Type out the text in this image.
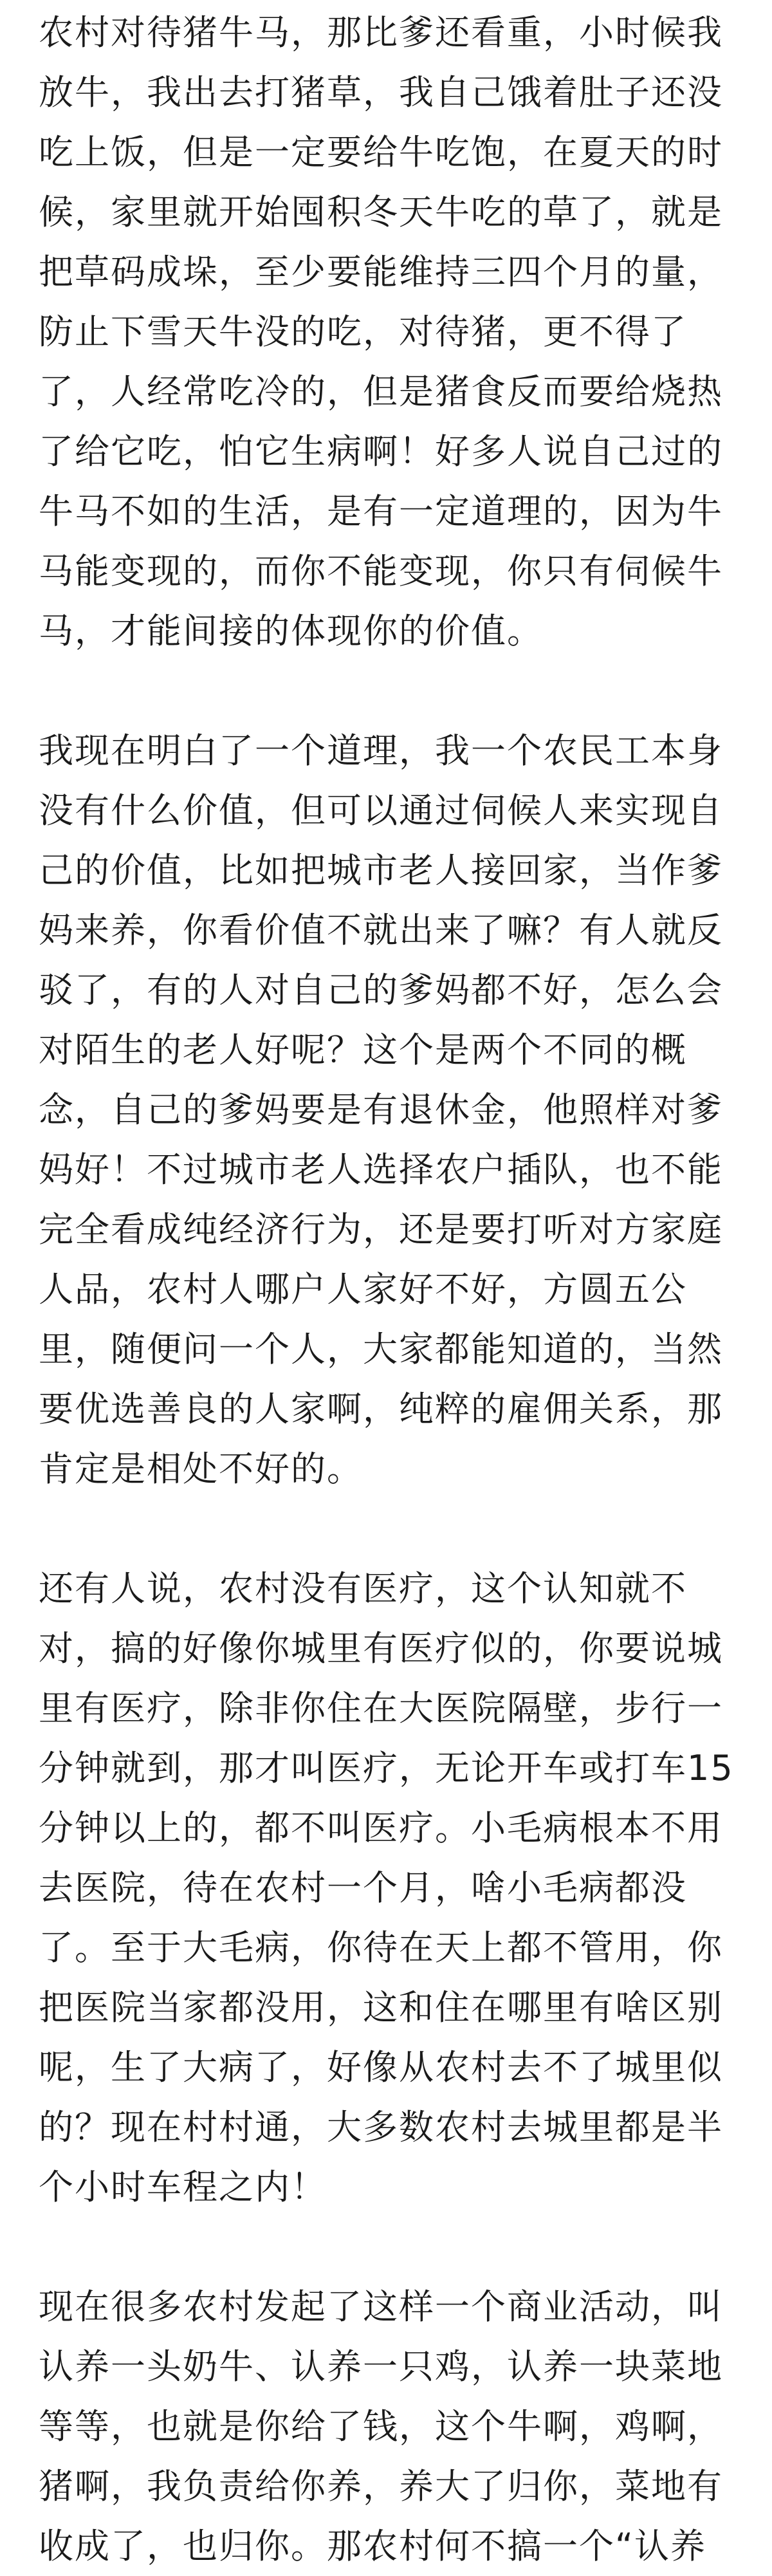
农村对待猪牛马，那比爹还看重，小时候我
放牛，我出去打猪草，我自己饿着肚子还没
吃上饭，但是一定要给牛吃饱，在夏天的时
候，家里就开始囤积冬天牛吃的草了，就是
把草码成垛，至少要能维持三四个月的量，
防止下雪天牛没的吃，对待猪，更不得了
了，人经常吃冷的，但是猪食反而要给烧热
了给它吃，怕它生病啊！好多人说自己过的
牛马不如的生活，是有一定道理的，因为牛
马能变现的，而你不能变现，你只有伺候牛
马，才能间接的体现你的价值。

我现在明白了一个道理，我一个农民工本身
没有什么价值，但可以通过伺候人来实现自
己的价值，比如把城市老人接回家，当作爹
妈来养，你看价值不就出来了嘛？有人就反
驳了，有的人对自己的爹妈都不好，怎么会
对陌生的老人好呢？这个是两个不同的概
念，自己的爹妈要是有退休金，他照样对爹
妈好！不过城市老人选择农户插队，也不能
完全看成纯经济行为，还是要打听对方家庭
人品，农村人哪户人家好不好，方圆五公
里，随便问一个人，大家都能知道的，当然
要优选善良的人家啊，纯粹的雇佣关系，那
肯定是相处不好的。

还有人说，农村没有医疗，这个认知就不
对，搞的好像你城里有医疗似的，你要说城
里有医疗，除非你住在大医院隔壁，步行一
分钟就到，那才叫医疗，无论开车或打车15
分钟以上的，都不叫医疗。小毛病根本不用
去医院，待在农村一个月，啥小毛病都没
了。至于大毛病，你待在天上都不管用，你
把医院当家都没用，这和住在哪里有啥区别
呢，生了大病了，好像从农村去不了城里似
的？现在村村通，大多数农村去城里都是半
个小时车程之内！

现在很多农村发起了这样一个商业活动，叫
认养一头奶牛、认养一只鸡，认养一块菜地
等等，也就是你给了钱，这个牛啊，鸡啊，
猪啊，我负责给你养，养大了归你，菜地有
收成了，也归你。那农村何不搞一个“认养
